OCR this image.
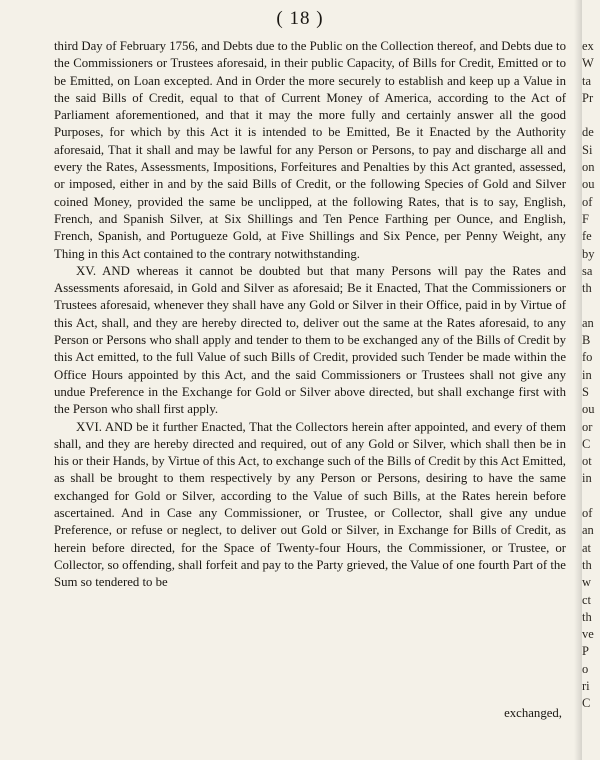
( 18 )

third Day of February 1756, and Debts due to the Public on the Collection thereof, and Debts due to the Commissioners or Trustees aforesaid, in their public Capacity, of Bills for Credit, Emitted or to be Emitted, on Loan excepted. And in Order the more securely to establish and keep up a Value in the said Bills of Credit, equal to that of Current Money of America, according to the Act of Parliament aforementioned, and that it may the more fully and certainly answer all the good Purposes, for which by this Act it is intended to be Emitted, Be it Enacted by the Authority aforesaid, That it shall and may be lawful for any Person or Persons, to pay and discharge all and every the Rates, Assessments, Impositions, Forfeitures and Penalties by this Act granted, assessed, or imposed, either in and by the said Bills of Credit, or the following Species of Gold and Silver coined Money, provided the same be unclipped, at the following Rates, that is to say, English, French, and Spanish Silver, at Six Shillings and Ten Pence Farthing per Ounce, and English, French, Spanish, and Portugueze Gold, at Five Shillings and Six Pence, per Penny Weight, any Thing in this Act contained to the contrary notwithstanding.

XV. AND whereas it cannot be doubted but that many Persons will pay the Rates and Assessments aforesaid, in Gold and Silver as aforesaid; Be it Enacted, That the Commissioners or Trustees aforesaid, whenever they shall have any Gold or Silver in their Office, paid in by Virtue of this Act, shall, and they are hereby directed to, deliver out the same at the Rates aforesaid, to any Person or Persons who shall apply and tender to them to be exchanged any of the Bills of Credit by this Act emitted, to the full Value of such Bills of Credit, provided such Tender be made within the Office Hours appointed by this Act, and the said Commissioners or Trustees shall not give any undue Preference in the Exchange for Gold or Silver above directed, but shall exchange first with the Person who shall first apply.

XVI. AND be it further Enacted, That the Collectors herein after appointed, and every of them shall, and they are hereby directed and required, out of any Gold or Silver, which shall then be in his or their Hands, by Virtue of this Act, to exchange such of the Bills of Credit by this Act Emitted, as shall be brought to them respectively by any Person or Persons, desiring to have the same exchanged for Gold or Silver, according to the Value of such Bills, at the Rates herein before ascertained. And in Case any Commissioner, or Trustee, or Collector, shall give any undue Preference, or refuse or neglect, to deliver out Gold or Silver, in Exchange for Bills of Credit, as herein before directed, for the Space of Twenty-four Hours, the Commissioner, or Trustee, or Collector, so offending, shall forfeit and pay to the Party grieved, the Value of one fourth Part of the Sum so tendered to be

exchanged,
ex
W
ta
Pr

de
Si
on
ou
of
F
fe
by
sa
th

an
B
fo
in
S
ou
or
C
ot
in

of
an
at
th
w
ct
th
ve
P
o
ri
C
